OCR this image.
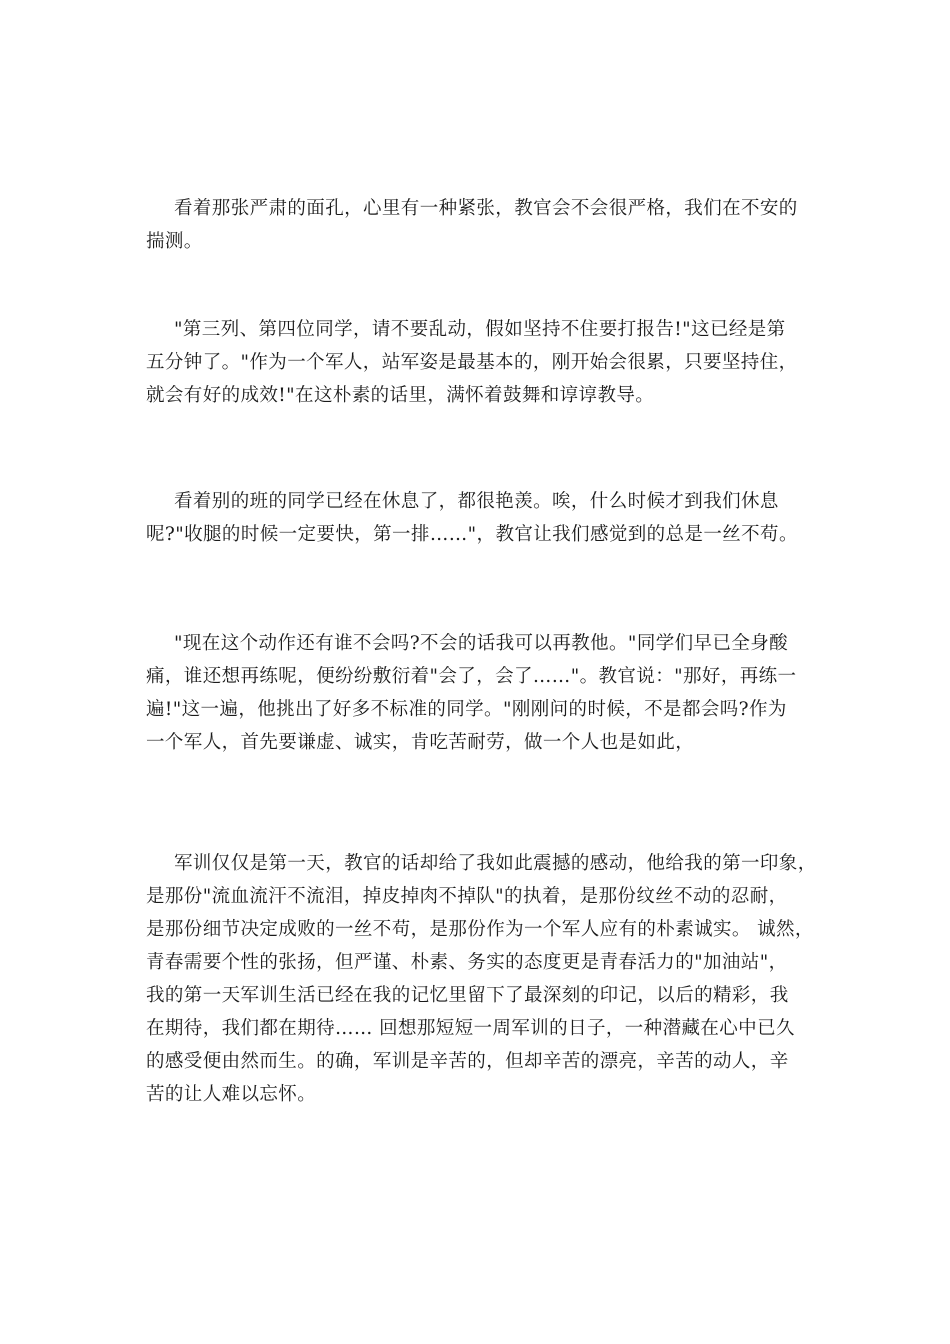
看着那张严肃的面孔，心里有一种紧张，教官会不会很严格，我们在不安的
揣测。

"第三列、第四位同学，请不要乱动，假如坚持不住要打报告!"这已经是第
五分钟了。"作为一个军人，站军姿是最基本的，刚开始会很累，只要坚持住，
就会有好的成效!"在这朴素的话里，满怀着鼓舞和谆谆教导。

看着别的班的同学已经在休息了，都很艳羡。唉，什么时候才到我们休息
呢?"收腿的时候一定要快，第一排……"，教官让我们感觉到的总是一丝不苟。

"现在这个动作还有谁不会吗?不会的话我可以再教他。"同学们早已全身酸
痛，谁还想再练呢，便纷纷敷衍着"会了，会了……"。教官说："那好，再练一
遍!"这一遍，他挑出了好多不标准的同学。"刚刚问的时候，不是都会吗?作为
一个军人，首先要谦虚、诚实，肯吃苦耐劳，做一个人也是如此，

军训仅仅是第一天，教官的话却给了我如此震撼的感动，他给我的第一印象，
是那份"流血流汗不流泪，掉皮掉肉不掉队"的执着，是那份纹丝不动的忍耐，
是那份细节决定成败的一丝不苟，是那份作为一个军人应有的朴素诚实。 诚然，
青春需要个性的张扬，但严谨、朴素、务实的态度更是青春活力的"加油站"，
我的第一天军训生活已经在我的记忆里留下了最深刻的印记，以后的精彩，我
在期待，我们都在期待…… 回想那短短一周军训的日子，一种潜藏在心中已久
的感受便由然而生。的确，军训是辛苦的，但却辛苦的漂亮，辛苦的动人，辛
苦的让人难以忘怀。
